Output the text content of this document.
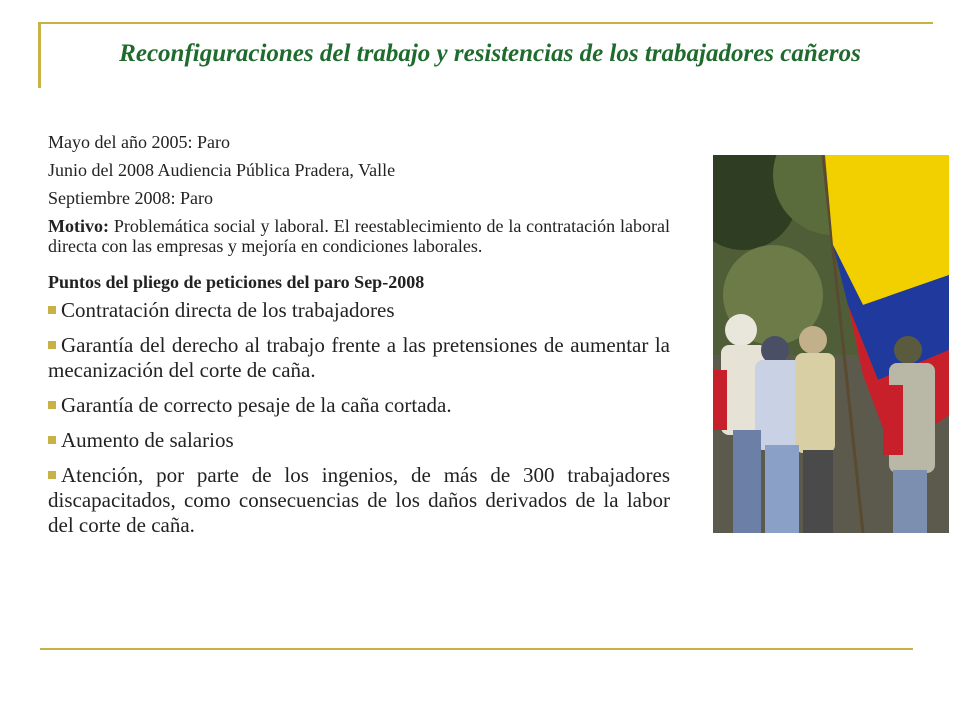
Reconfiguraciones del trabajo y resistencias de los trabajadores cañeros
Mayo del año 2005: Paro
Junio del 2008 Audiencia Pública Pradera, Valle
Septiembre 2008: Paro
Motivo: Problemática social y laboral. El reestablecimiento de la contratación laboral directa con las empresas y mejoría en condiciones laborales.
Puntos del pliego de peticiones del paro Sep-2008
Contratación directa de los trabajadores
Garantía del derecho al trabajo frente a las pretensiones de aumentar la mecanización del corte de caña.
Garantía de correcto pesaje de la caña cortada.
Aumento de salarios
Atención, por parte de los ingenios, de más de 300 trabajadores discapacitados, como consecuencias de los daños derivados de la labor del corte de caña.
